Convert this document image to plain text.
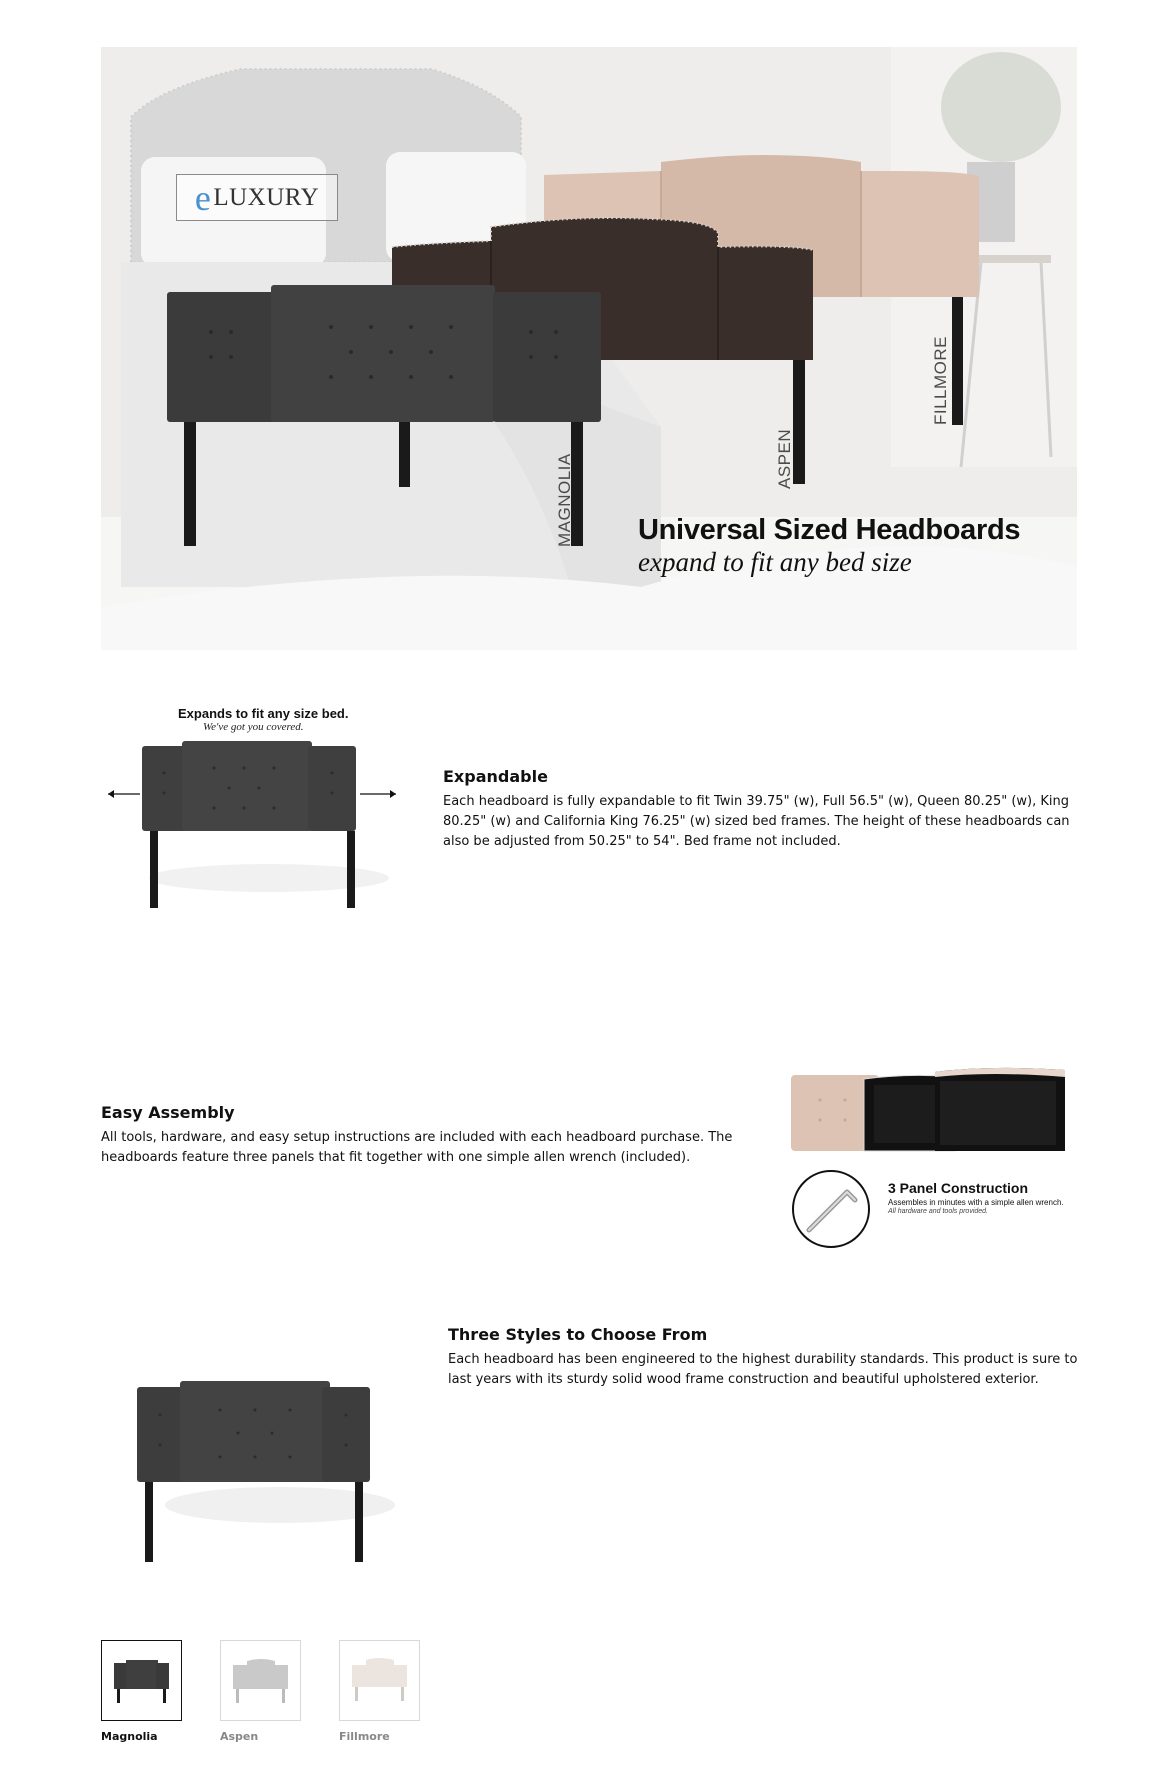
e LUXURY
MAGNOLIA	ASPEN
FILLMORE
Universal Sized Headboards
expand to fit any bed size
Expands to fit any size bed.
We've got you covered.
Expandable
Each headboard is fully expandable to fit Twin 39.75" (w), Full 56.5" (w), Queen 80.25" (w), King 80.25" (w) and California King 76.25" (w) sized bed frames. The height of these headboards can also be adjusted from 50.25" to 54". Bed frame not included.
Easy Assembly
All tools, hardware, and easy setup instructions are included with each headboard purchase. The headboards feature three panels that fit together with one simple allen wrench (included).
3 Panel Construction
Assembles in minutes with a simple allen wrench.
All hardware and tools provided.
Three Styles to Choose From
Each headboard has been engineered to the highest durability standards. This product is sure to last years with its sturdy solid wood frame construction and beautiful upholstered exterior.
Magnolia	Aspen	Fillmore
